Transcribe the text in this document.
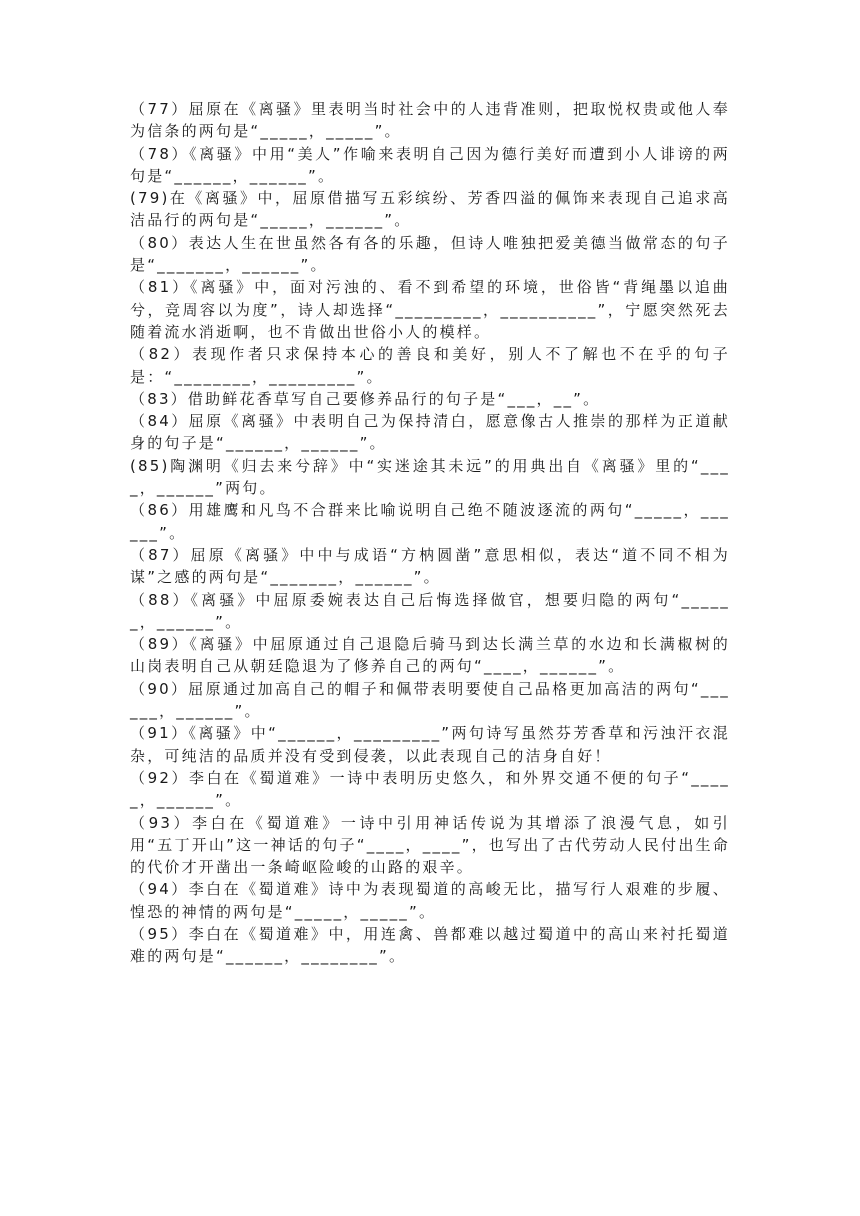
（77）屈原在《离骚》里表明当时社会中的人违背准则，把取悦权贵或他人奉为信条的两句是“_____，_____”。

（78）《离骚》中用“美人”作喻来表明自己因为德行美好而遭到小人诽谤的两句是“______，______”。

(79)在《离骚》中，屈原借描写五彩缤纷、芳香四溢的佩饰来表现自己追求高洁品行的两句是“_____，______”。

（80）表达人生在世虽然各有各的乐趣，但诗人唯独把爱美德当做常态的句子是“_______，______”。

（81）《离骚》中，面对污浊的、看不到希望的环境，世俗皆“背绳墨以追曲兮，竞周容以为度”，诗人却选择“_________，__________”，宁愿突然死去随着流水消逝啊，也不肯做出世俗小人的模样。

（82）表现作者只求保持本心的善良和美好，别人不了解也不在乎的句子是：“________，_________”。

（83）借助鲜花香草写自己要修养品行的句子是“___，__”。

（84）屈原《离骚》中表明自己为保持清白，愿意像古人推崇的那样为正道献身的句子是“______，______”。

(85)陶渊明《归去来兮辞》中“实迷途其未远”的用典出自《离骚》里的“____，______”两句。

（86）用雄鹰和凡鸟不合群来比喻说明自己绝不随波逐流的两句“_____，______”。

（87）屈原《离骚》中中与成语“方枘圆凿”意思相似，表达“道不同不相为谋”之感的两句是“_______，______”。

（88）《离骚》中屈原委婉表达自己后悔选择做官，想要归隐的两句“______，______”。

（89）《离骚》中屈原通过自己退隐后骑马到达长满兰草的水边和长满椒树的山岗表明自己从朝廷隐退为了修养自己的两句“____，______”。

（90）屈原通过加高自己的帽子和佩带表明要使自己品格更加高洁的两句“______，______”。

（91）《离骚》中“______，_________”两句诗写虽然芬芳香草和污浊汗衣混杂，可纯洁的品质并没有受到侵袭，以此表现自己的洁身自好！

（92）李白在《蜀道难》一诗中表明历史悠久，和外界交通不便的句子“_____，______”。

（93）李白在《蜀道难》一诗中引用神话传说为其增添了浪漫气息，如引用“五丁开山”这一神话的句子“____，____”，也写出了古代劳动人民付出生命的代价才开凿出一条崎岖险峻的山路的艰辛。

（94）李白在《蜀道难》诗中为表现蜀道的高峻无比，描写行人艰难的步履、惶恐的神情的两句是“_____，_____”。

（95）李白在《蜀道难》中，用连禽、兽都难以越过蜀道中的高山来衬托蜀道难的两句是“______，________”。
